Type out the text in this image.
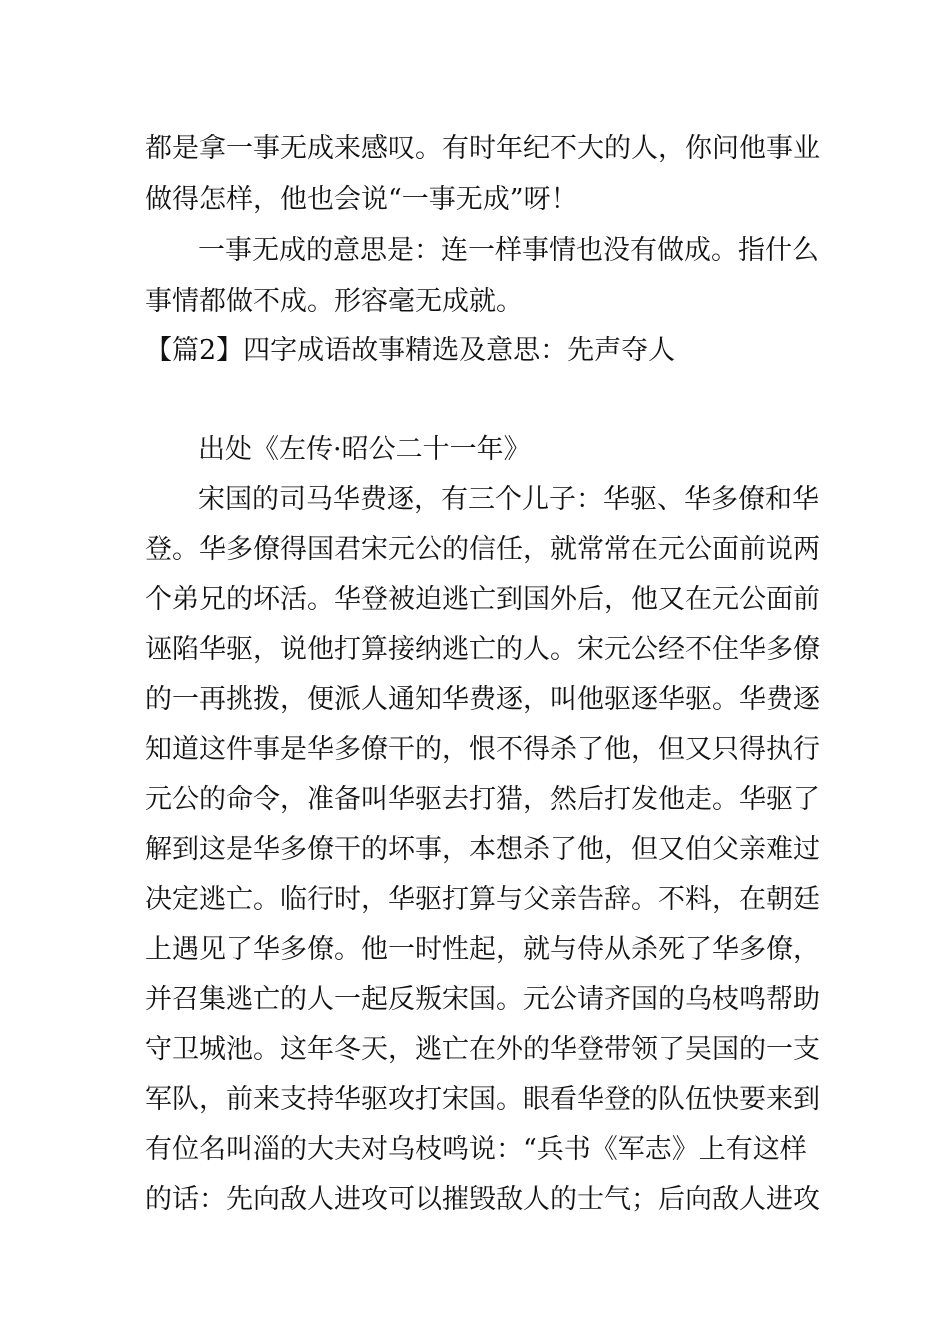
都是拿一事无成来感叹。有时年纪不大的人，你问他事业
做得怎样，他也会说“一事无成”呀！
一事无成的意思是：连一样事情也没有做成。指什么
事情都做不成。形容毫无成就。
【篇2】四字成语故事精选及意思：先声夺人
出处《左传·昭公二十一年》
宋国的司马华费逐，有三个儿子：华驱、华多僚和华
登。华多僚得国君宋元公的信任，就常常在元公面前说两
个弟兄的坏活。华登被迫逃亡到国外后，他又在元公面前
诬陷华驱，说他打算接纳逃亡的人。宋元公经不住华多僚
的一再挑拨，便派人通知华费逐，叫他驱逐华驱。华费逐
知道这件事是华多僚干的，恨不得杀了他，但又只得执行
元公的命令，准备叫华驱去打猎，然后打发他走。华驱了
解到这是华多僚干的坏事，本想杀了他，但又伯父亲难过
决定逃亡。临行时，华驱打算与父亲告辞。不料，在朝廷
上遇见了华多僚。他一时性起，就与侍从杀死了华多僚，
并召集逃亡的人一起反叛宋国。元公请齐国的乌枝鸣帮助
守卫城池。这年冬天，逃亡在外的华登带领了吴国的一支
军队，前来支持华驱攻打宋国。眼看华登的队伍快要来到
有位名叫淄的大夫对乌枝鸣说：“兵书《军志》上有这样
的话：先向敌人进攻可以摧毁敌人的士气；后向敌人进攻
